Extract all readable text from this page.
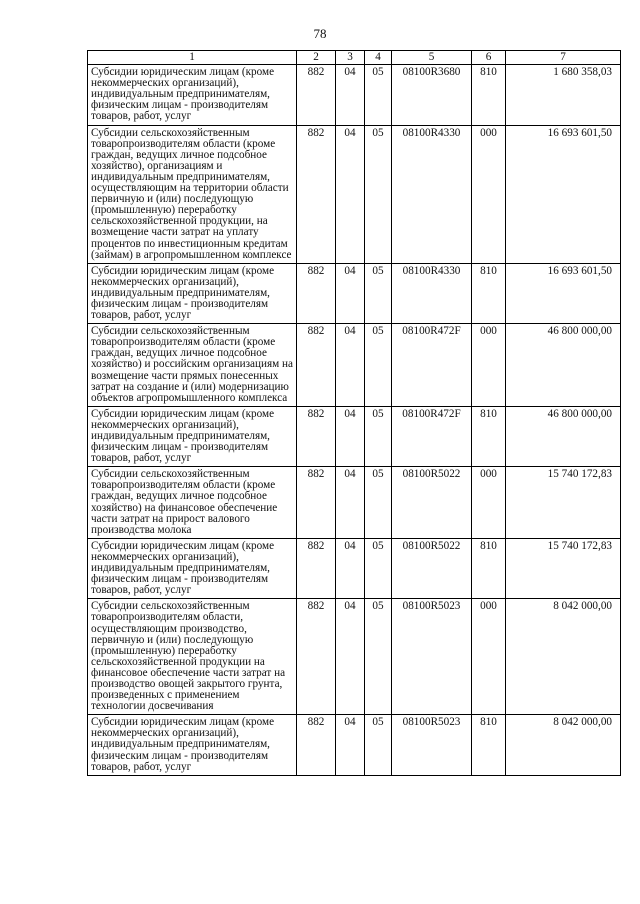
78
1	2	3	4	5	6	7
Субсидии юридическим лицам (кроме некоммерческих организаций), индивидуальным предпринимателям, физическим лицам - производителям товаров, работ, услуг	882	04	05	08100R3680	810	1 680 358,03
Субсидии сельскохозяйственным товаропроизводителям области (кроме граждан, ведущих личное подсобное хозяйство), организациям и индивидуальным предпринимателям, осуществляющим на территории области первичную и (или) последующую (промышленную) переработку сельскохозяйственной продукции, на возмещение части затрат на уплату процентов по инвестиционным кредитам (займам) в агропромышленном комплексе	882	04	05	08100R4330	000	16 693 601,50
Субсидии юридическим лицам (кроме некоммерческих организаций), индивидуальным предпринимателям, физическим лицам - производителям товаров, работ, услуг	882	04	05	08100R4330	810	16 693 601,50
Субсидии сельскохозяйственным товаропроизводителям области (кроме граждан, ведущих личное подсобное хозяйство) и российским организациям на возмещение части прямых понесенных затрат на создание и (или) модернизацию объектов агропромышленного комплекса	882	04	05	08100R472F	000	46 800 000,00
Субсидии юридическим лицам (кроме некоммерческих организаций), индивидуальным предпринимателям, физическим лицам - производителям товаров, работ, услуг	882	04	05	08100R472F	810	46 800 000,00
Субсидии сельскохозяйственным товаропроизводителям области (кроме граждан, ведущих личное подсобное хозяйство) на финансовое обеспечение части затрат на прирост валового производства молока	882	04	05	08100R5022	000	15 740 172,83
Субсидии юридическим лицам (кроме некоммерческих организаций), индивидуальным предпринимателям, физическим лицам - производителям товаров, работ, услуг	882	04	05	08100R5022	810	15 740 172,83
Субсидии сельскохозяйственным товаропроизводителям области, осуществляющим производство, первичную и (или) последующую (промышленную) переработку сельскохозяйственной продукции на финансовое обеспечение части затрат на производство овощей закрытого грунта, произведенных с применением технологии досвечивания	882	04	05	08100R5023	000	8 042 000,00
Субсидии юридическим лицам (кроме некоммерческих организаций), индивидуальным предпринимателям, физическим лицам - производителям товаров, работ, услуг	882	04	05	08100R5023	810	8 042 000,00
